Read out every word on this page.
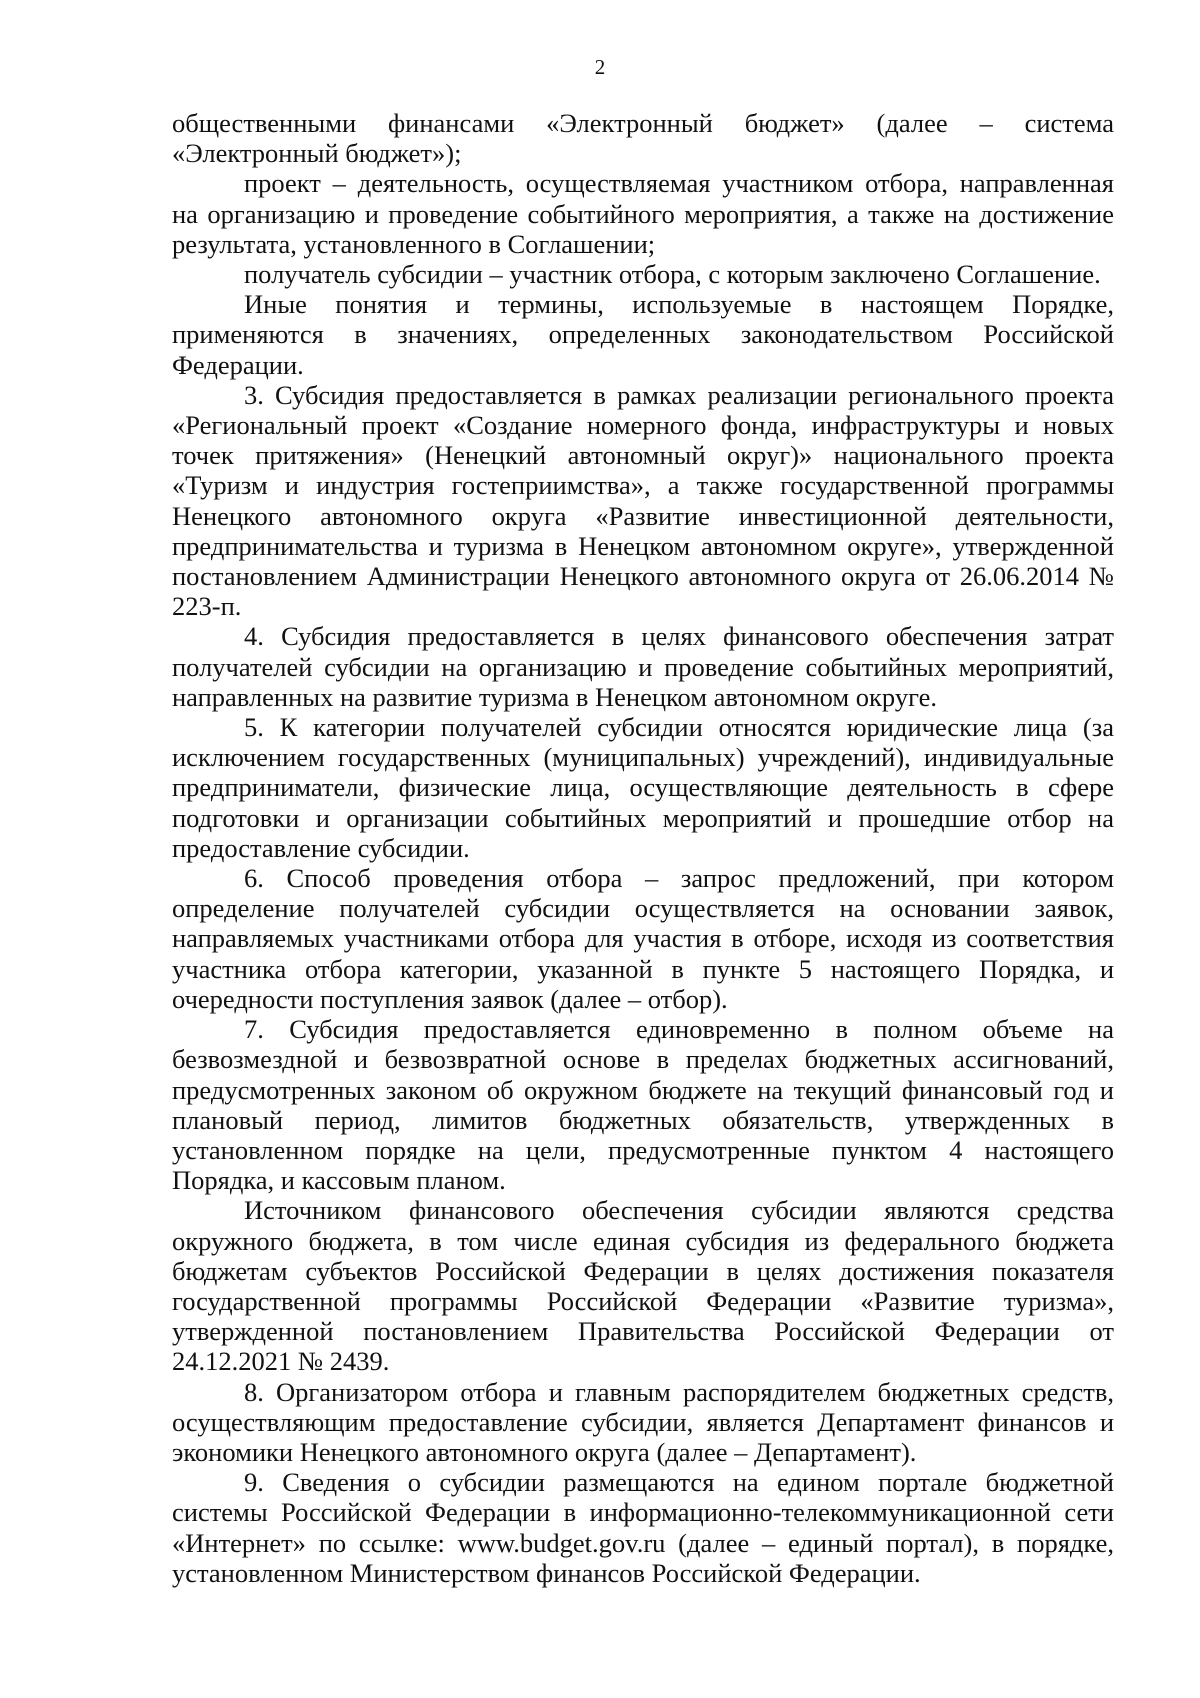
2

общественными финансами «Электронный бюджет» (далее – система «Электронный бюджет»);

проект – деятельность, осуществляемая участником отбора, направленная на организацию и проведение событийного мероприятия, а также на достижение результата, установленного в Соглашении;

получатель субсидии – участник отбора, с которым заключено Соглашение.

Иные понятия и термины, используемые в настоящем Порядке, применяются в значениях, определенных законодательством Российской Федерации.

3. Субсидия предоставляется в рамках реализации регионального проекта «Региональный проект «Создание номерного фонда, инфраструктуры и новых точек притяжения» (Ненецкий автономный округ)» национального проекта «Туризм и индустрия гостеприимства», а также государственной программы Ненецкого автономного округа «Развитие инвестиционной деятельности, предпринимательства и туризма в Ненецком автономном округе», утвержденной постановлением Администрации Ненецкого автономного округа от 26.06.2014 № 223-п.

4. Субсидия предоставляется в целях финансового обеспечения затрат получателей субсидии на организацию и проведение событийных мероприятий, направленных на развитие туризма в Ненецком автономном округе.

5. К категории получателей субсидии относятся юридические лица (за исключением государственных (муниципальных) учреждений), индивидуальные предприниматели, физические лица, осуществляющие деятельность в сфере подготовки и организации событийных мероприятий и прошедшие отбор на предоставление субсидии.

6. Способ проведения отбора – запрос предложений, при котором определение получателей субсидии осуществляется на основании заявок, направляемых участниками отбора для участия в отборе, исходя из соответствия участника отбора категории, указанной в пункте 5 настоящего Порядка, и очередности поступления заявок (далее – отбор).

7. Субсидия предоставляется единовременно в полном объеме на безвозмездной и безвозвратной основе в пределах бюджетных ассигнований, предусмотренных законом об окружном бюджете на текущий финансовый год и плановый период, лимитов бюджетных обязательств, утвержденных в установленном порядке на цели, предусмотренные пунктом 4 настоящего Порядка, и кассовым планом.

Источником финансового обеспечения субсидии являются средства окружного бюджета, в том числе единая субсидия из федерального бюджета бюджетам субъектов Российской Федерации в целях достижения показателя государственной программы Российской Федерации «Развитие туризма», утвержденной постановлением Правительства Российской Федерации от 24.12.2021 № 2439.

8. Организатором отбора и главным распорядителем бюджетных средств, осуществляющим предоставление субсидии, является Департамент финансов и экономики Ненецкого автономного округа (далее – Департамент).

9. Сведения о субсидии размещаются на едином портале бюджетной системы Российской Федерации в информационно-телекоммуникационной сети «Интернет» по ссылке: www.budget.gov.ru (далее – единый портал), в порядке, установленном Министерством финансов Российской Федерации.
